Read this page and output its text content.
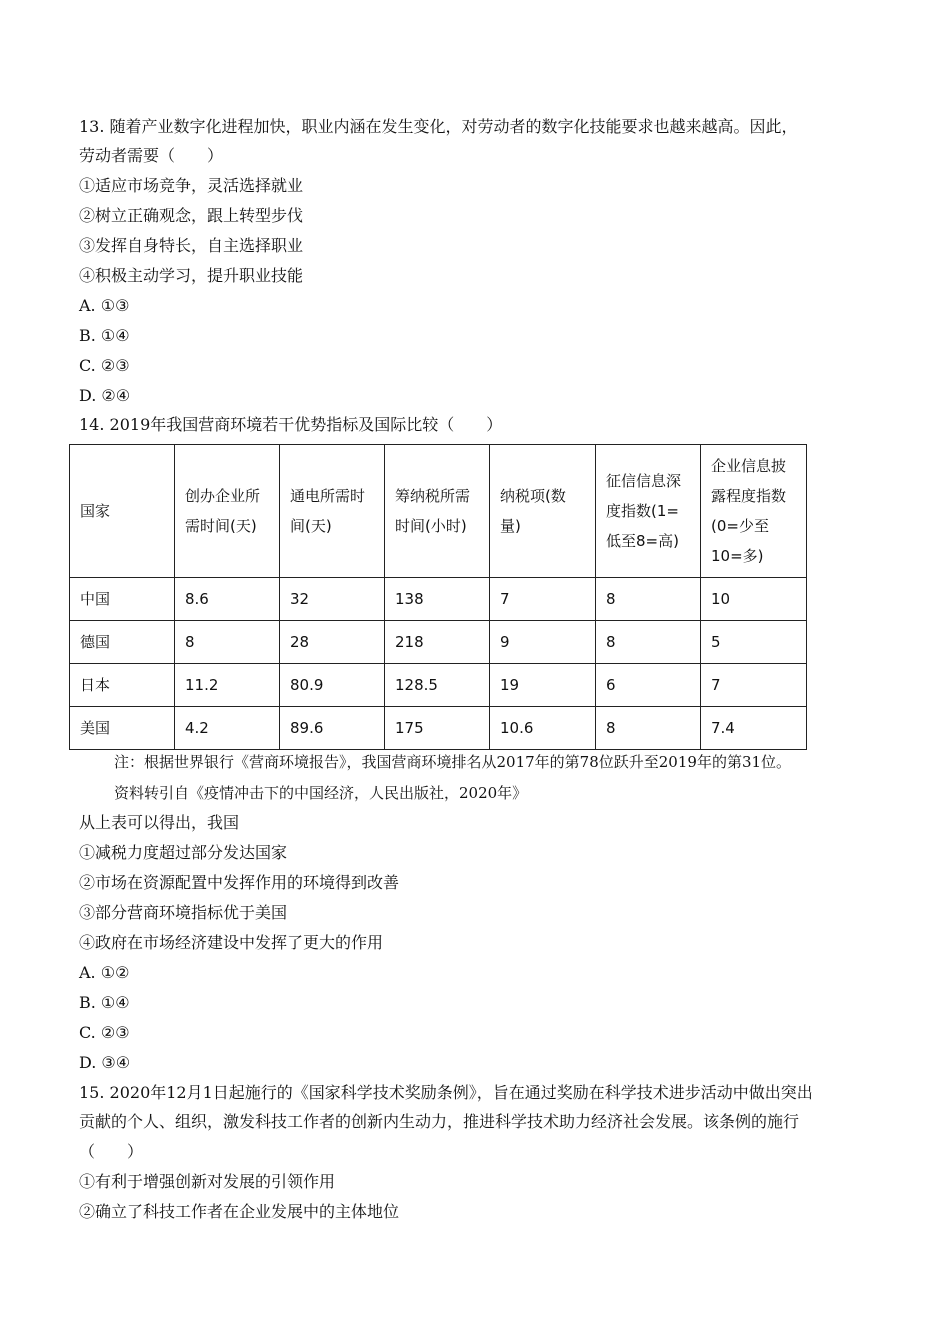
13. 随着产业数字化进程加快，职业内涵在发生变化，对劳动者的数字化技能要求也越来越高。因此，
劳动者需要（　　）
①适应市场竞争，灵活选择就业
②树立正确观念，跟上转型步伐
③发挥自身特长，自主选择职业
④积极主动学习，提升职业技能
A. ①③
B. ①④
C. ②③
D. ②④
14. 2019年我国营商环境若干优势指标及国际比较（　　）
国家	创办企业所需时间(天)	通电所需时间(天)	筹纳税所需时间(小时)	纳税项(数量)	征信信息深度指数(1=低至8=高)	企业信息披露程度指数(0=少至10=多)
中国	8.6	32	138	7	8	10
德国	8	28	218	9	8	5
日本	11.2	80.9	128.5	19	6	7
美国	4.2	89.6	175	10.6	8	7.4
注：根据世界银行《营商环境报告》，我国营商环境排名从2017年的第78位跃升至2019年的第31位。
资料转引自《疫情冲击下的中国经济，人民出版社，2020年》
从上表可以得出，我国
①减税力度超过部分发达国家
②市场在资源配置中发挥作用的环境得到改善
③部分营商环境指标优于美国
④政府在市场经济建设中发挥了更大的作用
A. ①②
B. ①④
C. ②③
D. ③④
15. 2020年12月1日起施行的《国家科学技术奖励条例》，旨在通过奖励在科学技术进步活动中做出突出
贡献的个人、组织，激发科技工作者的创新内生动力，推进科学技术助力经济社会发展。该条例的施行
（　　）
①有利于增强创新对发展的引领作用
②确立了科技工作者在企业发展中的主体地位
